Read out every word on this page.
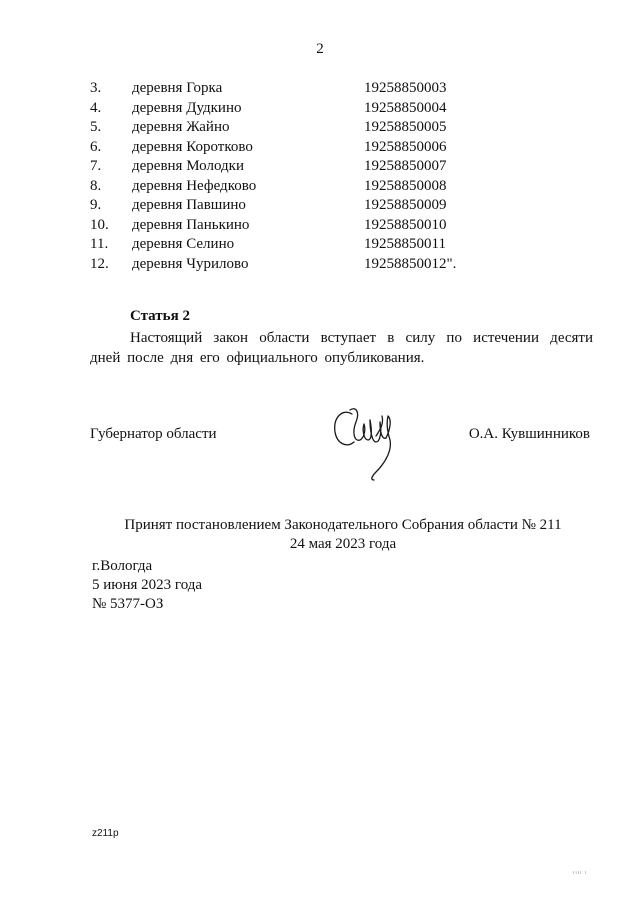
2
3. деревня Горка	19258850003
4. деревня Дудкино	19258850004
5. деревня Жайно	19258850005
6. деревня Коротково	19258850006
7. деревня Молодки	19258850007
8. деревня Нефедково	19258850008
9. деревня Павшино	19258850009
10. деревня Панькино	19258850010
11. деревня Селино	19258850011
12. деревня Чурилово	19258850012".
Статья 2

Настоящий закон области вступает в силу по истечении десяти дней после дня его официального опубликования.

Губернатор области	О.А. Кувшинников
Принят постановлением Законодательного Собрания области № 211
24 мая 2023 года
г.Вологда
5 июня 2023 года
№ 5377-ОЗ
z211р
ıııı ı
